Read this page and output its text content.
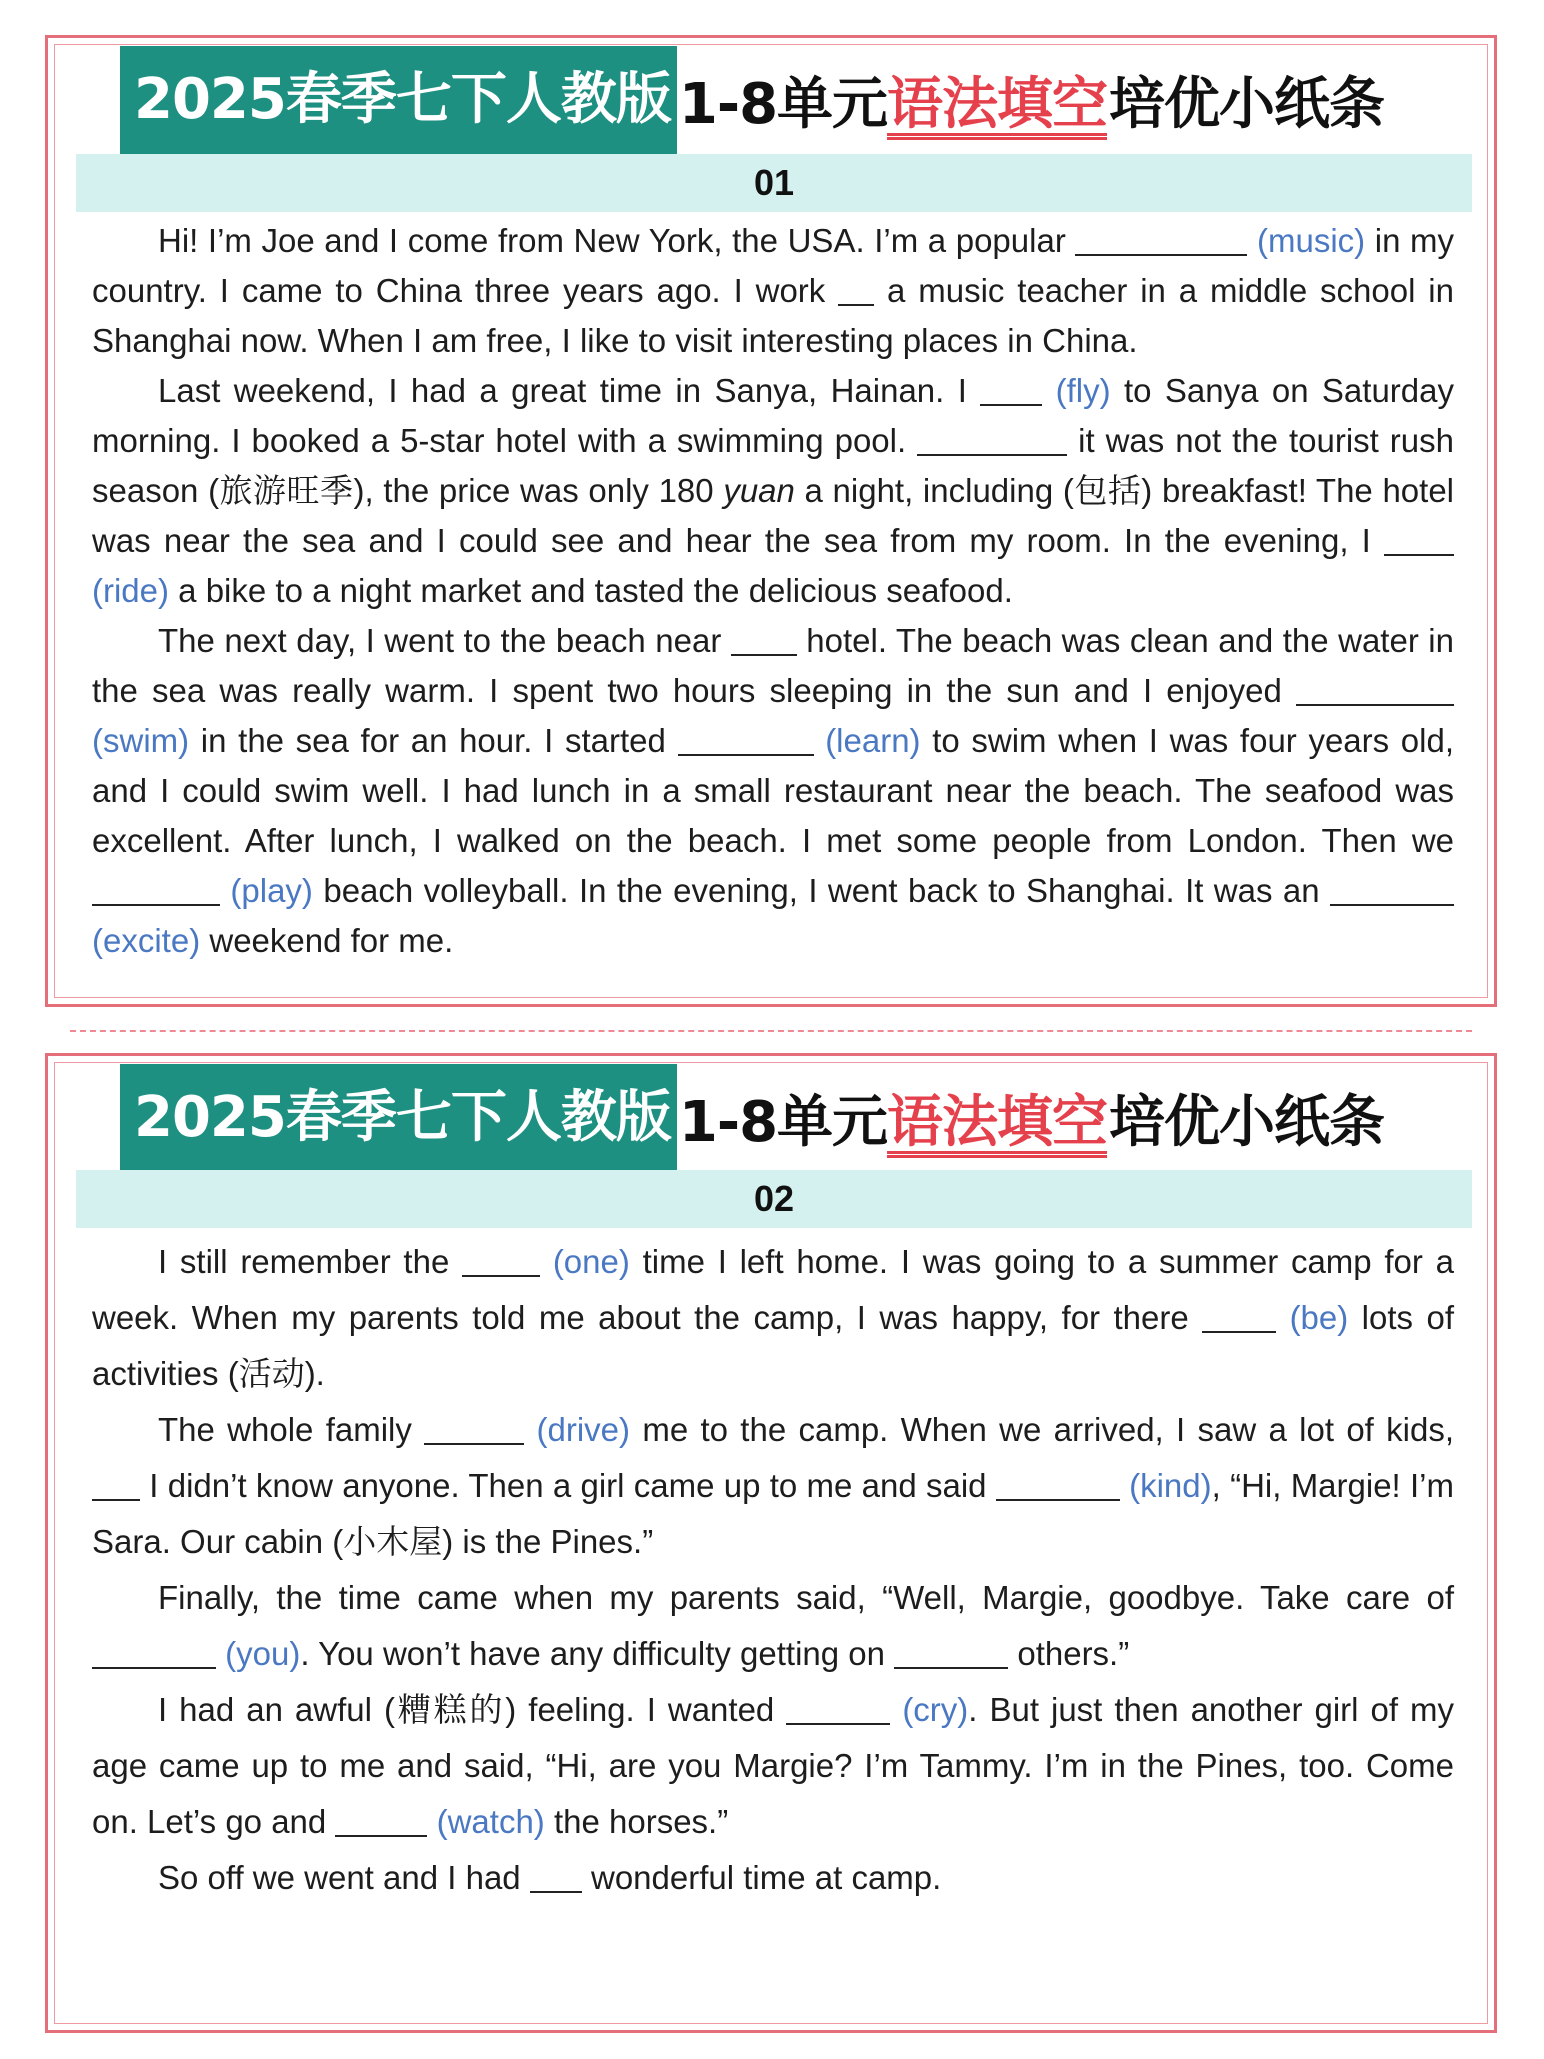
2025春季七下人教版 1-8单元 语法填空 培优小纸条
01

Hi! I’m Joe and I come from New York, the USA. I’m a popular	(music) in my country. I came to China three years ago. I work  a music teacher in a middle school in Shanghai now. When I am free, I like to visit interesting places in China.

Last weekend, I had a great time in Sanya, Hainan. I  (fly) to Sanya on Saturday morning. I booked a 5-star hotel with a swimming pool.	it was not the tourist rush season (旅游旺季), the price was only 180 yuan a night, including (包括) breakfast! The hotel was near the sea and I could see and hear the sea from my room. In the evening, I  (ride) a bike to a night market and tasted the delicious seafood.

The next day, I went to the beach near  hotel. The beach was clean and the water in the sea was really warm. I spent two hours sleeping in the sun and I enjoyed  (swim) in the sea for an hour. I started	(learn) to swim when I was four years old, and I could swim well. I had lunch in a small restaurant near the beach. The seafood was excellent. After lunch, I walked on the beach. I met some people from London. Then we  (play) beach volleyball. In the evening, I went back to Shanghai. It was an  (excite) weekend for me.

2025春季七下人教版 1-8单元 语法填空 培优小纸条
02

I still remember the	(one) time I left home. I was going to a summer camp for a week. When my parents told me about the camp, I was happy, for there	(be) lots of activities (活动).

The whole family	(drive) me to the camp. When we arrived, I saw a lot of kids,  I didn’t know anyone. Then a girl came up to me and said	(kind), “Hi, Margie! I’m Sara. Our cabin (小木屋) is the Pines.”

Finally, the time came when my parents said, “Well, Margie, goodbye. Take care of  (you). You won’t have any difficulty getting on	others.”

I had an awful (糟糕的) feeling. I wanted	(cry). But just then another girl of my age came up to me and said, “Hi, are you Margie? I’m Tammy. I’m in the Pines, too. Come on. Let’s go and	(watch) the horses.”

So off we went and I had  wonderful time at camp.
